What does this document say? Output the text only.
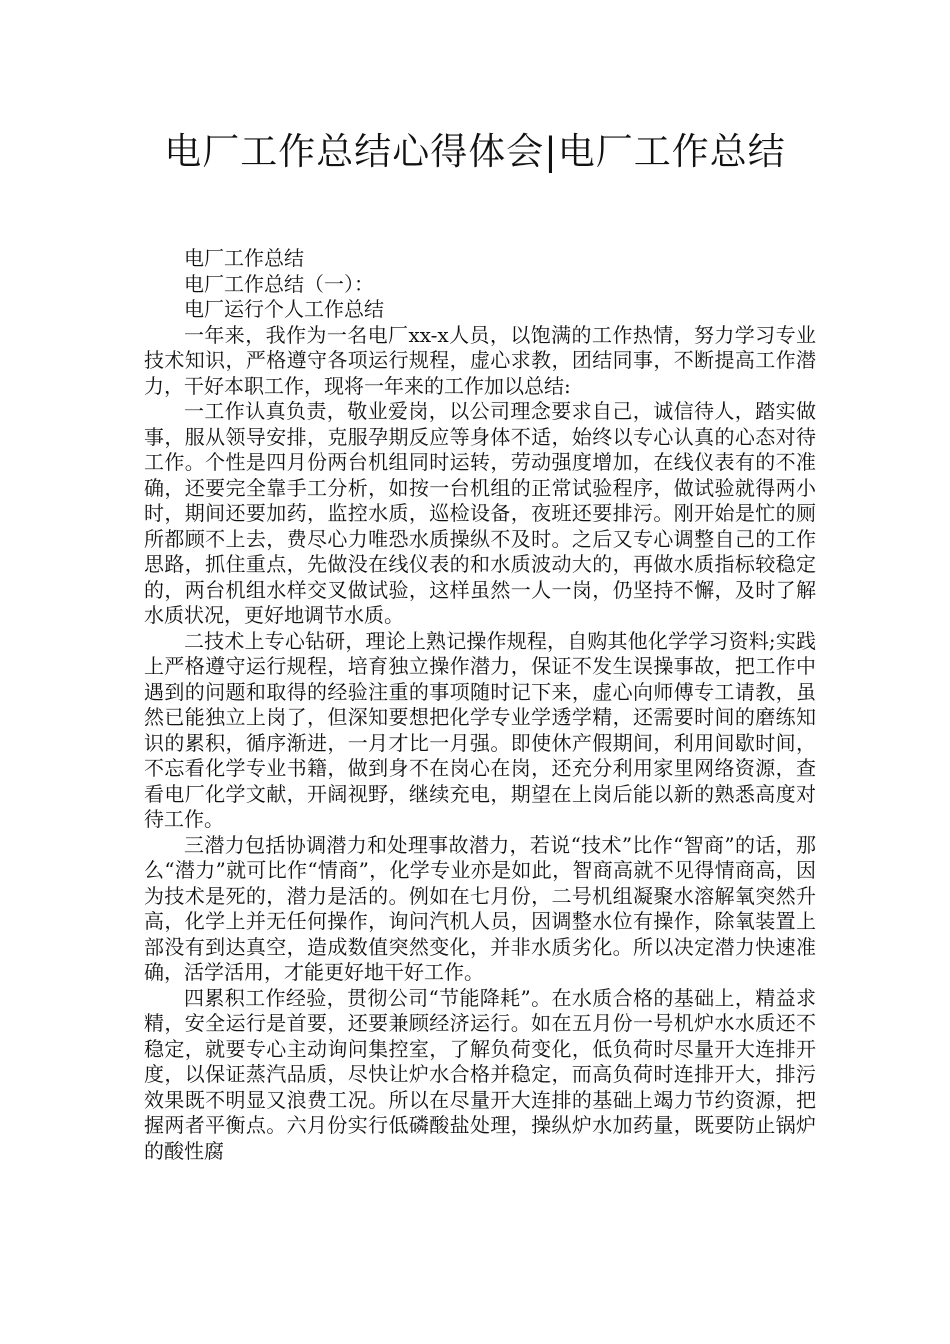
电厂工作总结心得体会|电厂工作总结

电厂工作总结

电厂工作总结（一）：

电厂运行个人工作总结

一年来，我作为一名电厂xx-x人员，以饱满的工作热情，努力学习专业技术知识，严格遵守各项运行规程，虚心求教，团结同事，不断提高工作潜力，干好本职工作，现将一年来的工作加以总结:

一工作认真负责，敬业爱岗，以公司理念要求自己，诚信待人，踏实做事，服从领导安排，克服孕期反应等身体不适，始终以专心认真的心态对待工作。个性是四月份两台机组同时运转，劳动强度增加，在线仪表有的不准确，还要完全靠手工分析，如按一台机组的正常试验程序，做试验就得两小时，期间还要加药，监控水质，巡检设备，夜班还要排污。刚开始是忙的厕所都顾不上去，费尽心力唯恐水质操纵不及时。之后又专心调整自己的工作思路，抓住重点，先做没在线仪表的和水质波动大的，再做水质指标较稳定的，两台机组水样交叉做试验，这样虽然一人一岗，仍坚持不懈，及时了解水质状况，更好地调节水质。

二技术上专心钻研，理论上熟记操作规程，自购其他化学学习资料;实践上严格遵守运行规程，培育独立操作潜力，保证不发生误操事故，把工作中遇到的问题和取得的经验注重的事项随时记下来，虚心向师傅专工请教，虽然已能独立上岗了，但深知要想把化学专业学透学精，还需要时间的磨练知识的累积，循序渐进，一月才比一月强。即使休产假期间，利用间歇时间，不忘看化学专业书籍，做到身不在岗心在岗，还充分利用家里网络资源，查看电厂化学文献，开阔视野，继续充电，期望在上岗后能以新的熟悉高度对待工作。

三潜力包括协调潜力和处理事故潜力，若说“技术”比作“智商”的话，那么“潜力”就可比作“情商”，化学专业亦是如此，智商高就不见得情商高，因为技术是死的，潜力是活的。例如在七月份，二号机组凝聚水溶解氧突然升高，化学上并无任何操作，询问汽机人员，因调整水位有操作，除氧装置上部没有到达真空，造成数值突然变化，并非水质劣化。所以决定潜力快速准确，活学活用，才能更好地干好工作。

四累积工作经验，贯彻公司“节能降耗”。在水质合格的基础上，精益求精，安全运行是首要，还要兼顾经济运行。如在五月份一号机炉水水质还不稳定，就要专心主动询问集控室，了解负荷变化，低负荷时尽量开大连排开度，以保证蒸汽品质，尽快让炉水合格并稳定，而高负荷时连排开大，排污效果既不明显又浪费工况。所以在尽量开大连排的基础上竭力节约资源，把握两者平衡点。六月份实行低磷酸盐处理，操纵炉水加药量，既要防止锅炉的酸性腐
